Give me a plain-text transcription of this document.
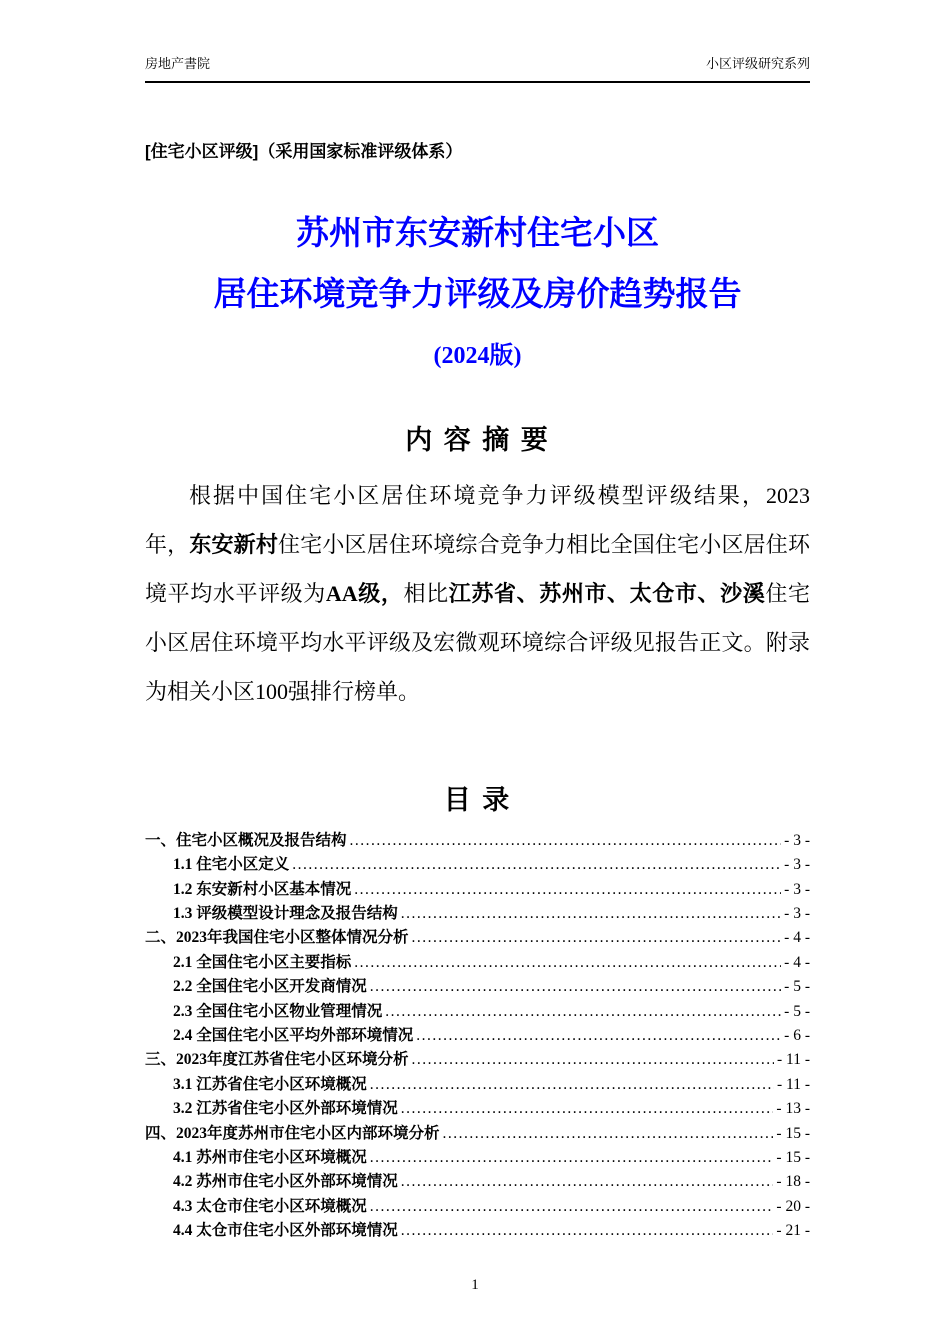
房地产書院	小区评级研究系列
[住宅小区评级]（采用国家标准评级体系）
苏州市东安新村住宅小区
居住环境竞争力评级及房价趋势报告
(2024版)
内 容 摘 要

根据中国住宅小区居住环境竞争力评级模型评级结果，2023 年，东安新村住宅小区居住环境综合竞争力相比全国住宅小区居住环境平均水平评级为AA级，相比江苏省、苏州市、太仓市、沙溪住宅小区居住环境平均水平评级及宏微观环境综合评级见报告正文。附录为相关小区100强排行榜单。

目 录
一、住宅小区概况及报告结构 .....	- 3 -
1.1 住宅小区定义 .....	- 3 -
1.2 东安新村小区基本情况 .....	- 3 -
1.3 评级模型设计理念及报告结构 .....	- 3 -
二、2023年我国住宅小区整体情况分析 .....	- 4 -
2.1 全国住宅小区主要指标 .....	- 4 -
2.2 全国住宅小区开发商情况 .....	- 5 -
2.3 全国住宅小区物业管理情况 .....	- 5 -
2.4 全国住宅小区平均外部环境情况 .....	- 6 -
三、2023年度江苏省住宅小区环境分析 .....	- 11 -
3.1 江苏省住宅小区环境概况 .....	- 11 -
3.2 江苏省住宅小区外部环境情况 .....	- 13 -
四、2023年度苏州市住宅小区内部环境分析 .....	- 15 -
4.1 苏州市住宅小区环境概况 .....	- 15 -
4.2 苏州市住宅小区外部环境情况 .....	- 18 -
4.3 太仓市住宅小区环境概况 .....	- 20 -
4.4 太仓市住宅小区外部环境情况 .....	- 21 -
1
